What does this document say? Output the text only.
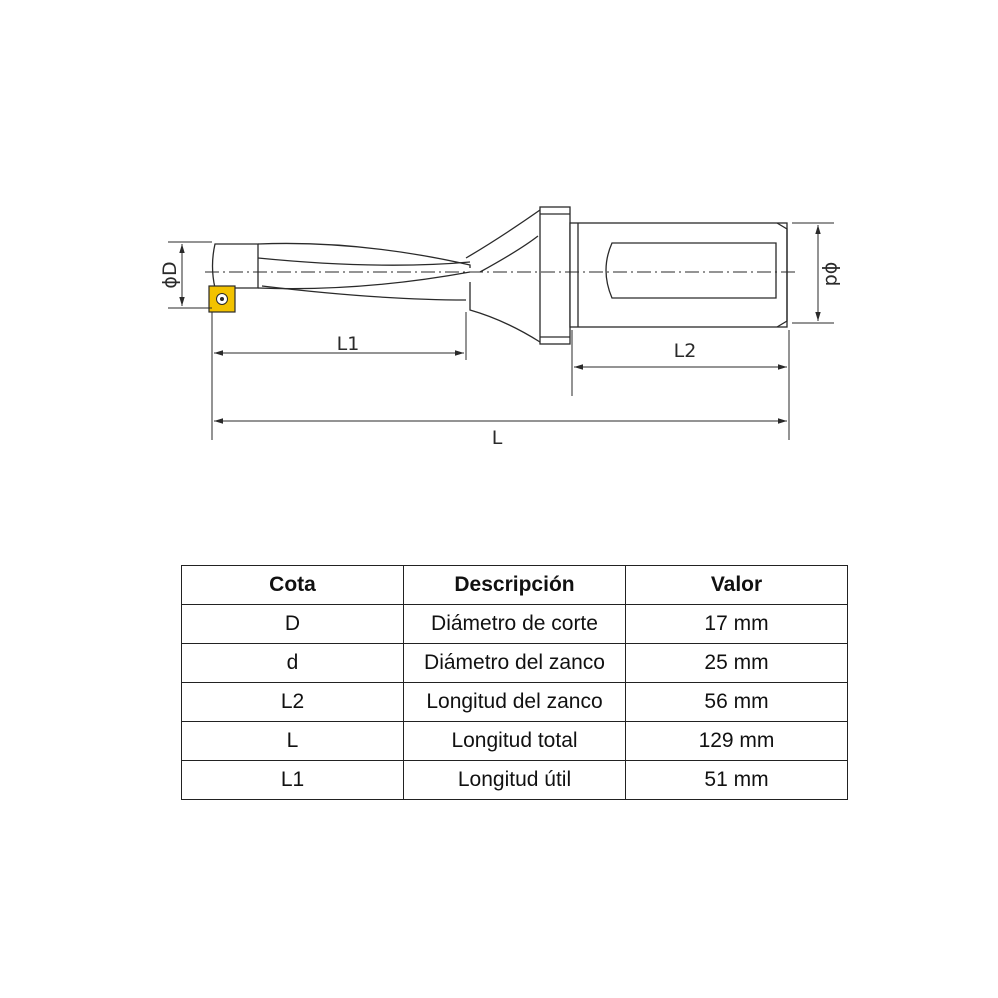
ϕD	ϕd
L1	L2
L
Cota	Descripción	Valor
D	Diámetro de corte	17 mm
d	Diámetro del zanco	25 mm
L2	Longitud del zanco	56 mm
L	Longitud total	129 mm
L1	Longitud útil	51 mm
